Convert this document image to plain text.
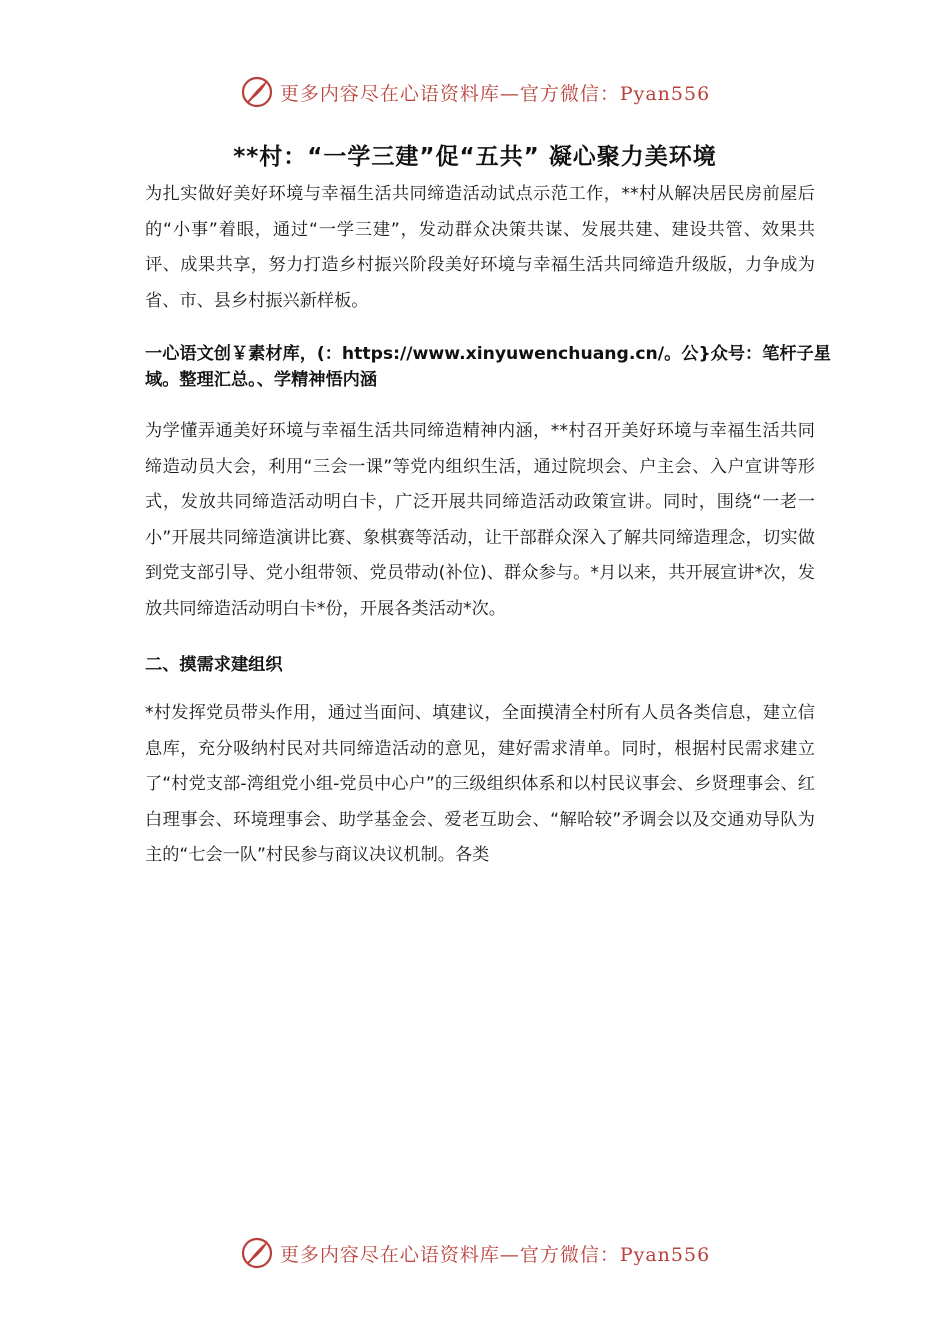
更多内容尽在心语资料库—官方微信：Pyan556
**村：“一学三建”促“五共” 凝心聚力美环境

为扎实做好美好环境与幸福生活共同缔造活动试点示范工作，**村从解决居民房前屋后的“小事”着眼，通过“一学三建”，发动群众决策共谋、发展共建、建设共管、效果共评、成果共享，努力打造乡村振兴阶段美好环境与幸福生活共同缔造升级版，力争成为省、市、县乡村振兴新样板。

一心语文创￥素材库，(：https://www.xinyuwenchuang.cn/。公}众号：笔杆子星域。整理汇总。、学精神悟内涵

为学懂弄通美好环境与幸福生活共同缔造精神内涵，**村召开美好环境与幸福生活共同缔造动员大会，利用“三会一课”等党内组织生活，通过院坝会、户主会、入户宣讲等形式，发放共同缔造活动明白卡，广泛开展共同缔造活动政策宣讲。同时，围绕“一老一小”开展共同缔造演讲比赛、象棋赛等活动，让干部群众深入了解共同缔造理念，切实做到党支部引导、党小组带领、党员带动(补位)、群众参与。*月以来，共开展宣讲*次，发放共同缔造活动明白卡*份，开展各类活动*次。

二、摸需求建组织

*村发挥党员带头作用，通过当面问、填建议，全面摸清全村所有人员各类信息，建立信息库，充分吸纳村民对共同缔造活动的意见，建好需求清单。同时，根据村民需求建立了“村党支部-湾组党小组-党员中心户”的三级组织体系和以村民议事会、乡贤理事会、红白理事会、环境理事会、助学基金会、爱老互助会、“解哈较”矛调会以及交通劝导队为主的“七会一队”村民参与商议决议机制。各类

更多内容尽在心语资料库—官方微信：Pyan556
